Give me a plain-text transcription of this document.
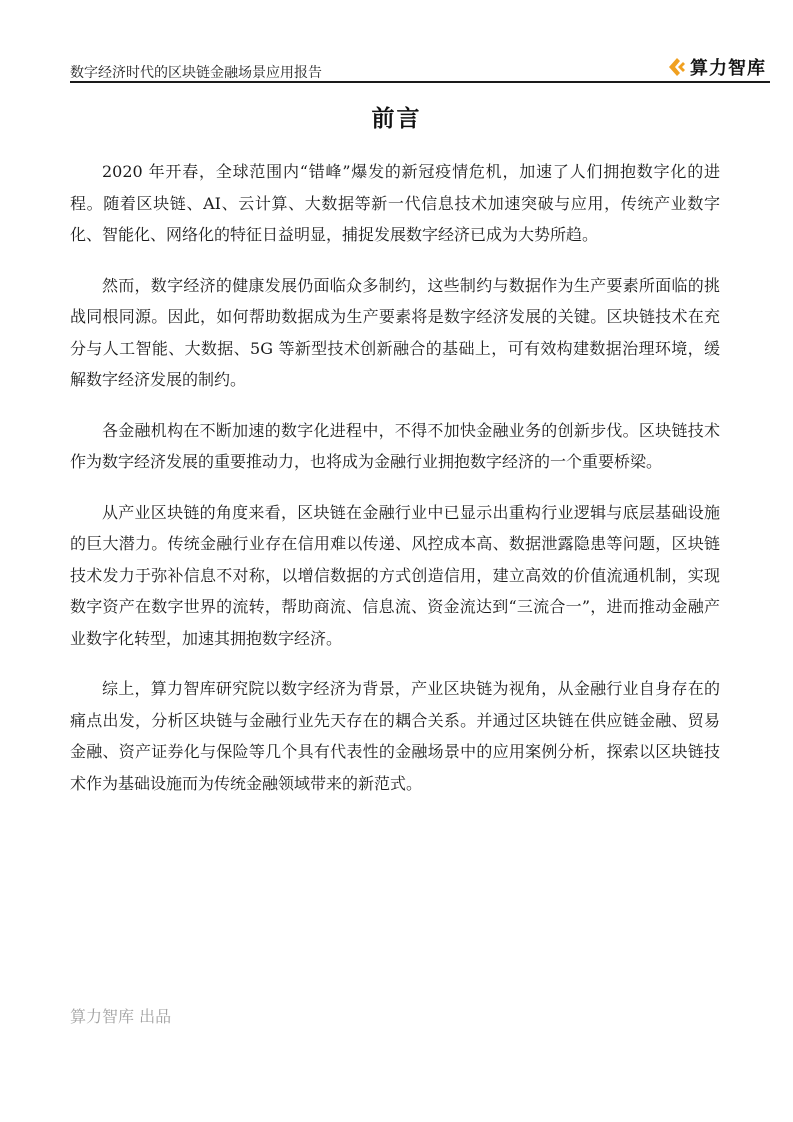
数字经济时代的区块链金融场景应用报告	算力智库
前言

2020 年开春，全球范围内“错峰”爆发的新冠疫情危机，加速了人们拥抱数字化的进程。随着区块链、AI、云计算、大数据等新一代信息技术加速突破与应用，传统产业数字化、智能化、网络化的特征日益明显，捕捉发展数字经济已成为大势所趋。

然而，数字经济的健康发展仍面临众多制约，这些制约与数据作为生产要素所面临的挑战同根同源。因此，如何帮助数据成为生产要素将是数字经济发展的关键。区块链技术在充分与人工智能、大数据、5G 等新型技术创新融合的基础上，可有效构建数据治理环境，缓解数字经济发展的制约。

各金融机构在不断加速的数字化进程中，不得不加快金融业务的创新步伐。区块链技术作为数字经济发展的重要推动力，也将成为金融行业拥抱数字经济的一个重要桥梁。

从产业区块链的角度来看，区块链在金融行业中已显示出重构行业逻辑与底层基础设施的巨大潜力。传统金融行业存在信用难以传递、风控成本高、数据泄露隐患等问题，区块链技术发力于弥补信息不对称，以增信数据的方式创造信用，建立高效的价值流通机制，实现数字资产在数字世界的流转，帮助商流、信息流、资金流达到“三流合一”，进而推动金融产业数字化转型，加速其拥抱数字经济。

综上，算力智库研究院以数字经济为背景，产业区块链为视角，从金融行业自身存在的痛点出发，分析区块链与金融行业先天存在的耦合关系。并通过区块链在供应链金融、贸易金融、资产证券化与保险等几个具有代表性的金融场景中的应用案例分析，探索以区块链技术作为基础设施而为传统金融领域带来的新范式。

算力智库 出品
